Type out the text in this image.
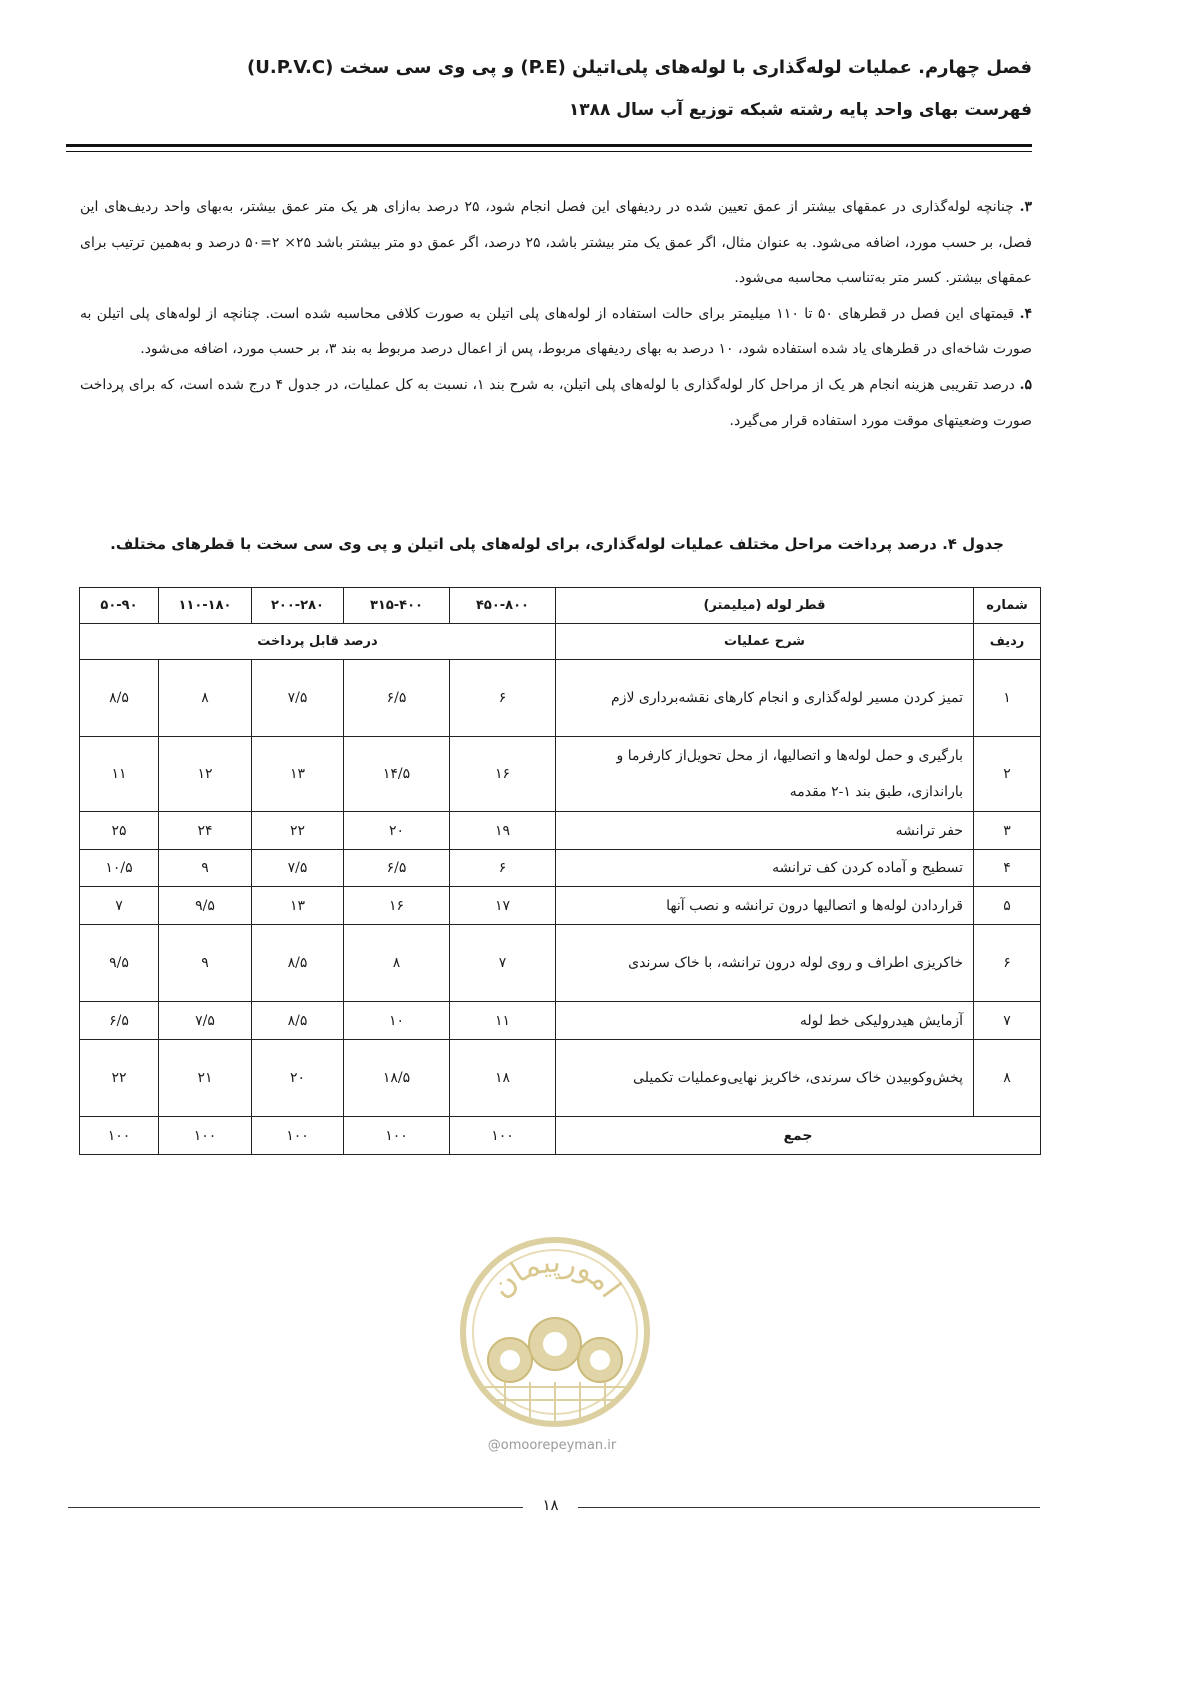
فصل چهارم. عملیات لوله‌گذاری با لوله‌های پلی‌اتیلن (P.E) و پی وی سی سخت (U.P.V.C)
فهرست بهای واحد پایه رشته شبکه توزیع آب سال ۱۳۸۸

۳. چنانچه لوله‌گذاری در عمقهای بیشتر از عمق تعیین شده در ردیفهای این فصل انجام شود، ۲۵ درصد به‌ازای هر یک متر عمق بیشتر، به‌بهای واحد ردیف‌های این فصل، بر حسب مورد، اضافه می‌شود. به عنوان مثال، اگر عمق یک متر بیشتر باشد، ۲۵ درصد، اگر عمق دو متر بیشتر باشد ۲۵× ۲=۵۰ درصد و به‌همین ترتیب برای عمقهای بیشتر. کسر متر به‌تناسب محاسبه می‌شود.

۴. قیمتهای این فصل در قطرهای ۵۰ تا ۱۱۰ میلیمتر برای حالت استفاده از لوله‌های پلی اتیلن به صورت کلافی محاسبه شده است. چنانچه از لوله‌های پلی اتیلن به صورت شاخه‌ای در قطرهای یاد شده استفاده شود، ۱۰ درصد به بهای ردیفهای مربوط، پس از اعمال درصد مربوط به بند ۳، بر حسب مورد، اضافه می‌شود.

۵. درصد تقریبی هزینه انجام هر یک از مراحل کار لوله‌گذاری با لوله‌های پلی اتیلن، به شرح بند ۱، نسبت به کل عملیات، در جدول ۴ درج شده است، که برای پرداخت صورت وضعیتهای موقت مورد استفاده قرار می‌گیرد.

جدول ۴. درصد پرداخت مراحل مختلف عملیات لوله‌گذاری، برای لوله‌های پلی اتیلن و پی وی سی سخت با قطرهای مختلف.
شماره	قطر لوله (میلیمتر)	۴۵۰-۸۰۰	۳۱۵-۴۰۰	۲۰۰-۲۸۰	۱۱۰-۱۸۰	۵۰-۹۰
ردیف	شرح عملیات	درصد قابل پرداخت				
۱	تمیز کردن مسیر لوله‌گذاری و انجام کارهای نقشه‌برداری لازم	۶	۶/۵	۷/۵	۸	۸/۵
۲	بارگیری و حمل لوله‌ها و اتصالیها، از محل تحویل‌از کارفرما و باراندازی، طبق بند ۱-۲ مقدمه	۱۶	۱۴/۵	۱۳	۱۲	۱۱
۳	حفر ترانشه	۱۹	۲۰	۲۲	۲۴	۲۵
۴	تسطیح و آماده کردن کف ترانشه	۶	۶/۵	۷/۵	۹	۱۰/۵
۵	قراردادن لوله‌ها و اتصالیها درون ترانشه و نصب آنها	۱۷	۱۶	۱۳	۹/۵	۷
۶	خاکریزی اطراف و روی لوله درون ترانشه، با خاک سرندی	۷	۸	۸/۵	۹	۹/۵
۷	آزمایش هیدرولیکی خط لوله	۱۱	۱۰	۸/۵	۷/۵	۶/۵
۸	پخش‌وکوبیدن خاک سرندی، خاکریز نهایی‌وعملیات تکمیلی	۱۸	۱۸/۵	۲۰	۲۱	۲۲
جمع		۱۰۰	۱۰۰	۱۰۰	۱۰۰	۱۰۰
امورپیمان
@omoorepeyman.ir
۱۸
